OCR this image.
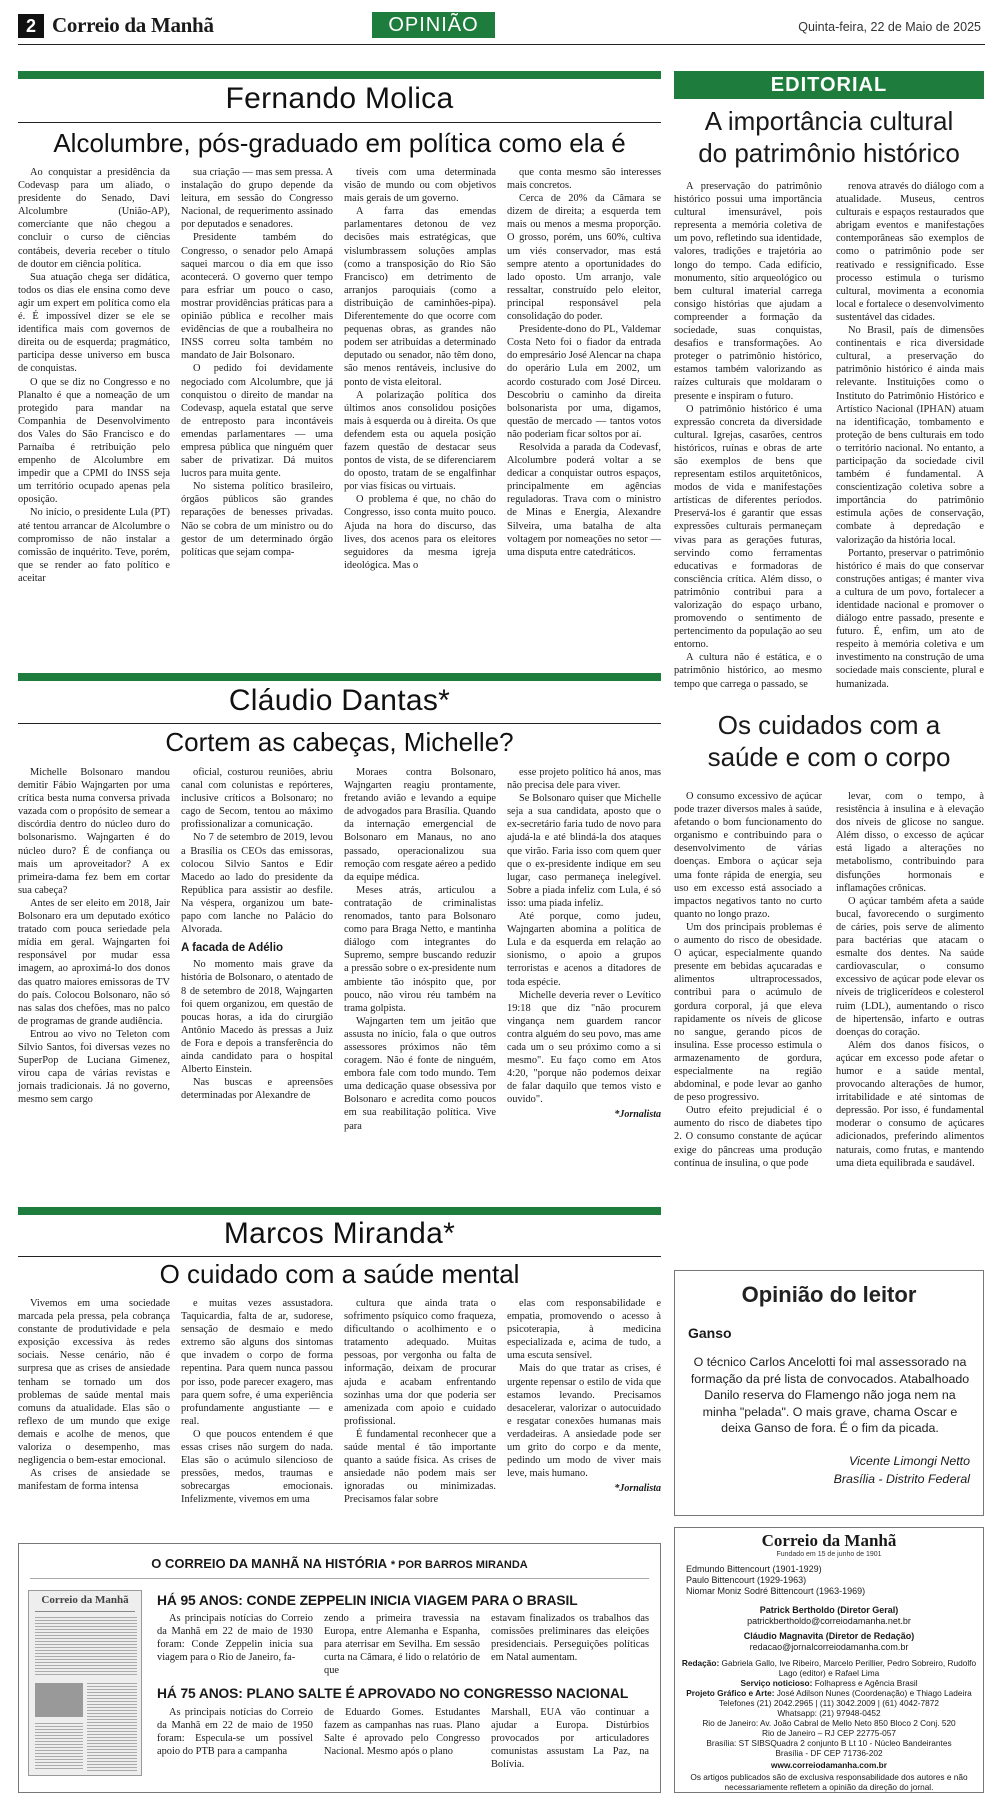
2 Correio da Manhã	OPINIÃO	Quinta-feira, 22 de Maio de 2025
Fernando Molica
Alcolumbre, pós-graduado em política como ela é

Ao conquistar a presidência da Codevasp para um aliado, o presidente do Senado, Davi Alcolumbre (União-AP), comerciante que não chegou a concluir o curso de ciências contábeis, deveria receber o título de doutor em ciência política.

Sua atuação chega ser didática, todos os dias ele ensina como deve agir um expert em política como ela é. É impossível dizer se ele se identifica mais com governos de direita ou de esquerda; pragmático, participa desse universo em busca de conquistas.

O que se diz no Congresso e no Planalto é que a nomeação de um protegido para mandar na Companhia de Desenvolvimento dos Vales do São Francisco e do Parnaíba é retribuição pelo empenho de Alcolumbre em impedir que a CPMI do INSS seja um território ocupado apenas pela oposição.

No início, o presidente Lula (PT) até tentou arrancar de Alcolumbre o compromisso de não instalar a comissão de inquérito. Teve, porém, que se render ao fato político e aceitar

sua criação — mas sem pressa. A instalação do grupo depende da leitura, em sessão do Congresso Nacional, de requerimento assinado por deputados e senadores.

Presidente também do Congresso, o senador pelo Amapá saquei marcou o dia em que isso acontecerá. O governo quer tempo para esfriar um pouco o caso, mostrar providências práticas para a opinião pública e recolher mais evidências de que a roubalheira no INSS correu solta também no mandato de Jair Bolsonaro.

O pedido foi devidamente negociado com Alcolumbre, que já conquistou o direito de mandar na Codevasp, aquela estatal que serve de entreposto para incontáveis emendas parlamentares — uma empresa pública que ninguém quer saber de privatizar. Dá muitos lucros para muita gente.

No sistema político brasileiro, órgãos públicos são grandes reparações de benesses privadas. Não se cobra de um ministro ou do gestor de um determinado órgão políticas que sejam compa-

tíveis com uma determinada visão de mundo ou com objetivos mais gerais de um governo.

A farra das emendas parlamentares detonou de vez decisões mais estratégicas, que vislumbrassem soluções amplas (como a transposição do Rio São Francisco) em detrimento de arranjos paroquiais (como a distribuição de caminhões-pipa). Diferentemente do que ocorre com pequenas obras, as grandes não podem ser atribuídas a determinado deputado ou senador, não têm dono, são menos rentáveis, inclusive do ponto de vista eleitoral.

A polarização política dos últimos anos consolidou posições mais à esquerda ou à direita. Os que defendem esta ou aquela posição fazem questão de destacar seus pontos de vista, de se diferenciarem do oposto, tratam de se engalfinhar por vias físicas ou virtuais.

O problema é que, no chão do Congresso, isso conta muito pouco. Ajuda na hora do discurso, das lives, dos acenos para os eleitores seguidores da mesma igreja ideológica. Mas o

que conta mesmo são interesses mais concretos.

Cerca de 20% da Câmara se dizem de direita; a esquerda tem mais ou menos a mesma proporção. O grosso, porém, uns 60%, cultiva um viés conservador, mas está sempre atento a oportunidades do lado oposto. Um arranjo, vale ressaltar, construído pelo eleitor, principal responsável pela consolidação do poder.

Presidente-dono do PL, Valdemar Costa Neto foi o fiador da entrada do empresário José Alencar na chapa do operário Lula em 2002, um acordo costurado com José Dirceu. Descobriu o caminho da direita bolsonarista por uma, digamos, questão de mercado — tantos votos não poderiam ficar soltos por aí.

Resolvida a parada da Codevasf, Alcolumbre poderá voltar a se dedicar a conquistar outros espaços, principalmente em agências reguladoras. Trava com o ministro de Minas e Energia, Alexandre Silveira, uma batalha de alta voltagem por nomeações no setor — uma disputa entre catedráticos.

EDITORIAL
A importância cultural
do patrimônio histórico

A preservação do patrimônio histórico possui uma importância cultural imensurável, pois representa a memória coletiva de um povo, refletindo sua identidade, valores, tradições e trajetória ao longo do tempo. Cada edifício, monumento, sítio arqueológico ou bem cultural imaterial carrega consigo histórias que ajudam a compreender a formação da sociedade, suas conquistas, desafios e transformações. Ao proteger o patrimônio histórico, estamos também valorizando as raízes culturais que moldaram o presente e inspiram o futuro.

O patrimônio histórico é uma expressão concreta da diversidade cultural. Igrejas, casarões, centros históricos, ruínas e obras de arte são exemplos de bens que representam estilos arquitetônicos, modos de vida e manifestações artísticas de diferentes períodos. Preservá-los é garantir que essas expressões culturais permaneçam vivas para as gerações futuras, servindo como ferramentas educativas e formadoras de consciência crítica. Além disso, o patrimônio contribui para a valorização do espaço urbano, promovendo o sentimento de pertencimento da população ao seu entorno.

A cultura não é estática, e o patrimônio histórico, ao mesmo tempo que carrega o passado, se

renova através do diálogo com a atualidade. Museus, centros culturais e espaços restaurados que abrigam eventos e manifestações contemporâneas são exemplos de como o patrimônio pode ser reativado e ressignificado. Esse processo estimula o turismo cultural, movimenta a economia local e fortalece o desenvolvimento sustentável das cidades.

No Brasil, país de dimensões continentais e rica diversidade cultural, a preservação do patrimônio histórico é ainda mais relevante. Instituições como o Instituto do Patrimônio Histórico e Artístico Nacional (IPHAN) atuam na identificação, tombamento e proteção de bens culturais em todo o território nacional. No entanto, a participação da sociedade civil também é fundamental. A conscientização coletiva sobre a importância do patrimônio estimula ações de conservação, combate à depredação e valorização da história local.

Portanto, preservar o patrimônio histórico é mais do que conservar construções antigas; é manter viva a cultura de um povo, fortalecer a identidade nacional e promover o diálogo entre passado, presente e futuro. É, enfim, um ato de respeito à memória coletiva e um investimento na construção de uma sociedade mais consciente, plural e humanizada.

Cláudio Dantas*
Cortem as cabeças, Michelle?

Michelle Bolsonaro mandou demitir Fábio Wajngarten por uma crítica besta numa conversa privada vazada com o propósito de semear a discórdia dentro do núcleo duro do bolsonarismo. Wajngarten é do núcleo duro? É de confiança ou mais um aproveitador? A ex primeira-dama fez bem em cortar sua cabeça?

Antes de ser eleito em 2018, Jair Bolsonaro era um deputado exótico tratado com pouca seriedade pela mídia em geral. Wajngarten foi responsável por mudar essa imagem, ao aproximá-lo dos donos das quatro maiores emissoras de TV do país. Colocou Bolsonaro, não só nas salas dos chefões, mas no palco de programas de grande audiência.

Entrou ao vivo no Teleton com Sílvio Santos, foi diversas vezes no SuperPop de Luciana Gimenez, virou capa de várias revistas e jornais tradicionais. Já no governo, mesmo sem cargo

oficial, costurou reuniões, abriu canal com colunistas e repórteres, inclusive críticos a Bolsonaro; no cago de Secom, tentou ao máximo profissionalizar a comunicação.

No 7 de setembro de 2019, levou a Brasília os CEOs das emissoras, colocou Silvio Santos e Edir Macedo ao lado do presidente da República para assistir ao desfile. Na véspera, organizou um bate-papo com lanche no Palácio do Alvorada.

A facada de Adélio

No momento mais grave da história de Bolsonaro, o atentado de 8 de setembro de 2018, Wajngarten foi quem organizou, em questão de poucas horas, a ida do cirurgião Antônio Macedo às pressas a Juiz de Fora e depois a transferência do ainda candidato para o hospital Alberto Einstein.

Nas buscas e apreensões determinadas por Alexandre de

Moraes contra Bolsonaro, Wajngarten reagiu prontamente, fretando avião e levando a equipe de advogados para Brasília. Quando da internação emergencial de Bolsonaro em Manaus, no ano passado, operacionalizou sua remoção com resgate aéreo a pedido da equipe médica.

Meses atrás, articulou a contratação de criminalistas renomados, tanto para Bolsonaro como para Braga Netto, e mantinha diálogo com integrantes do Supremo, sempre buscando reduzir a pressão sobre o ex-presidente num ambiente tão inóspito que, por pouco, não virou réu também na trama golpista.

Wajngarten tem um jeitão que assusta no início, fala o que outros assessores próximos não têm coragem. Não é fonte de ninguém, embora fale com todo mundo. Tem uma dedicação quase obsessiva por Bolsonaro e acredita como poucos em sua reabilitação política. Vive para

esse projeto político há anos, mas não precisa dele para viver.

Se Bolsonaro quiser que Michelle seja a sua candidata, aposto que o ex-secretário faria tudo de novo para ajudá-la e até blindá-la dos ataques que virão. Faria isso com quem quer que o ex-presidente indique em seu lugar, caso permaneça inelegível. Sobre a piada infeliz com Lula, é só isso: uma piada infeliz.

Até porque, como judeu, Wajngarten abomina a política de Lula e da esquerda em relação ao sionismo, o apoio a grupos terroristas e acenos a ditadores de toda espécie.

Michelle deveria rever o Levítico 19:18 que diz "não procurem vingança nem guardem rancor contra alguém do seu povo, mas ame cada um o seu próximo como a si mesmo". Eu faço como em Atos 4:20, "porque não podemos deixar de falar daquilo que temos visto e ouvido".

*Jornalista
Os cuidados com a
saúde e com o corpo

O consumo excessivo de açúcar pode trazer diversos males à saúde, afetando o bom funcionamento do organismo e contribuindo para o desenvolvimento de várias doenças. Embora o açúcar seja uma fonte rápida de energia, seu uso em excesso está associado a impactos negativos tanto no curto quanto no longo prazo.

Um dos principais problemas é o aumento do risco de obesidade. O açúcar, especialmente quando presente em bebidas açucaradas e alimentos ultraprocessados, contribui para o acúmulo de gordura corporal, já que eleva rapidamente os níveis de glicose no sangue, gerando picos de insulina. Esse processo estimula o armazenamento de gordura, especialmente na região abdominal, e pode levar ao ganho de peso progressivo.

Outro efeito prejudicial é o aumento do risco de diabetes tipo 2. O consumo constante de açúcar exige do pâncreas uma produção contínua de insulina, o que pode

levar, com o tempo, à resistência à insulina e à elevação dos níveis de glicose no sangue. Além disso, o excesso de açúcar está ligado a alterações no metabolismo, contribuindo para disfunções hormonais e inflamações crônicas.

O açúcar também afeta a saúde bucal, favorecendo o surgimento de cáries, pois serve de alimento para bactérias que atacam o esmalte dos dentes. Na saúde cardiovascular, o consumo excessivo de açúcar pode elevar os níveis de triglicerídeos e colesterol ruim (LDL), aumentando o risco de hipertensão, infarto e outras doenças do coração.

Além dos danos físicos, o açúcar em excesso pode afetar o humor e a saúde mental, provocando alterações de humor, irritabilidade e até sintomas de depressão. Por isso, é fundamental moderar o consumo de açúcares adicionados, preferindo alimentos naturais, como frutas, e mantendo uma dieta equilibrada e saudável.

Marcos Miranda*
O cuidado com a saúde mental

Vivemos em uma sociedade marcada pela pressa, pela cobrança constante de produtividade e pela exposição excessiva às redes sociais. Nesse cenário, não é surpresa que as crises de ansiedade tenham se tornado um dos problemas de saúde mental mais comuns da atualidade. Elas são o reflexo de um mundo que exige demais e acolhe de menos, que valoriza o desempenho, mas negligencia o bem-estar emocional.

As crises de ansiedade se manifestam de forma intensa

e muitas vezes assustadora. Taquicardia, falta de ar, sudorese, sensação de desmaio e medo extremo são alguns dos sintomas que invadem o corpo de forma repentina. Para quem nunca passou por isso, pode parecer exagero, mas para quem sofre, é uma experiência profundamente angustiante — e real.

O que poucos entendem é que essas crises não surgem do nada. Elas são o acúmulo silencioso de pressões, medos, traumas e sobrecargas emocionais. Infelizmente, vivemos em uma

cultura que ainda trata o sofrimento psíquico como fraqueza, dificultando o acolhimento e o tratamento adequado. Muitas pessoas, por vergonha ou falta de informação, deixam de procurar ajuda e acabam enfrentando sozinhas uma dor que poderia ser amenizada com apoio e cuidado profissional.

É fundamental reconhecer que a saúde mental é tão importante quanto a saúde física. As crises de ansiedade não podem mais ser ignoradas ou minimizadas. Precisamos falar sobre

elas com responsabilidade e empatia, promovendo o acesso à psicoterapia, à medicina especializada e, acima de tudo, a uma escuta sensível.

Mais do que tratar as crises, é urgente repensar o estilo de vida que estamos levando. Precisamos desacelerar, valorizar o autocuidado e resgatar conexões humanas mais verdadeiras. A ansiedade pode ser um grito do corpo e da mente, pedindo um modo de viver mais leve, mais humano.

*Jornalista
Opinião do leitor
Ganso
O técnico Carlos Ancelotti foi mal assessorado na formação da pré lista de convocados. Atabalhoado Danilo reserva do Flamengo não joga nem na minha "pelada". O mais grave, chama Oscar e deixa Ganso de fora. É o fim da picada.
Vicente Limongi Netto
Brasília - Distrito Federal
Correio da Manhã
Fundado em 15 de junho de 1901
Edmundo Bittencourt (1901-1929)
Paulo Bittencourt (1929-1963)
Niomar Moniz Sodré Bittencourt (1963-1969)
Patrick Bertholdo (Diretor Geral)
patrickbertholdo@correiodamanha.net.br
Cláudio Magnavita (Diretor de Redação)
redacao@jornalcorreiodamanha.com.br
Redação: Gabriela Gallo, Ive Ribeiro, Marcelo Perillier, Pedro Sobreiro, Rudolfo Lago (editor) e Rafael Lima
Serviço noticioso: Folhapress e Agência Brasil
Projeto Gráfico e Arte: José Adilson Nunes (Coordenação) e Thiago Ladeira
Telefones (21) 2042.2965 | (11) 3042.2009 | (61) 4042-7872
Whatsapp: (21) 97948-0452
Rio de Janeiro: Av. João Cabral de Mello Neto 850 Bloco 2 Conj. 520
Rio de Janeiro – RJ CEP 22775-057
Brasília: ST SIBSQuadra 2 conjunto B Lt 10 - Núcleo Bandeirantes
Brasília - DF CEP 71736-202
www.correiodamanha.com.br
Os artigos publicados são de exclusiva responsabilidade dos autores e não necessariamente refletem a opinião da direção do jornal.
O CORREIO DA MANHÃ NA HISTÓRIA * POR BARROS MIRANDA
Correio da Manhã	HÁ 95 ANOS: CONDE ZEPPELIN INICIA VIAGEM PARA O BRASIL

As principais notícias do Correio da Manhã em 22 de maio de 1930 foram: Conde Zeppelin inicia sua viagem para o Rio de Janeiro, fa-

zendo a primeira travessia na Europa, entre Alemanha e Espanha, para aterrisar em Sevilha. Em sessão curta na Câmara, é lido o relatório de que

estavam finalizados os trabalhos das comissões preliminares das eleições presidenciais. Perseguições políticas em Natal aumentam.

HÁ 75 ANOS: PLANO SALTE É APROVADO NO CONGRESSO NACIONAL

As principais notícias do Correio da Manhã em 22 de maio de 1950 foram: Especula-se um possível apoio do PTB para a campanha

de Eduardo Gomes. Estudantes fazem as campanhas nas ruas. Plano Salte é aprovado pelo Congresso Nacional. Mesmo após o plano

Marshall, EUA vão continuar a ajudar a Europa. Distúrbios provocados por articuladores comunistas assustam La Paz, na Bolívia.
